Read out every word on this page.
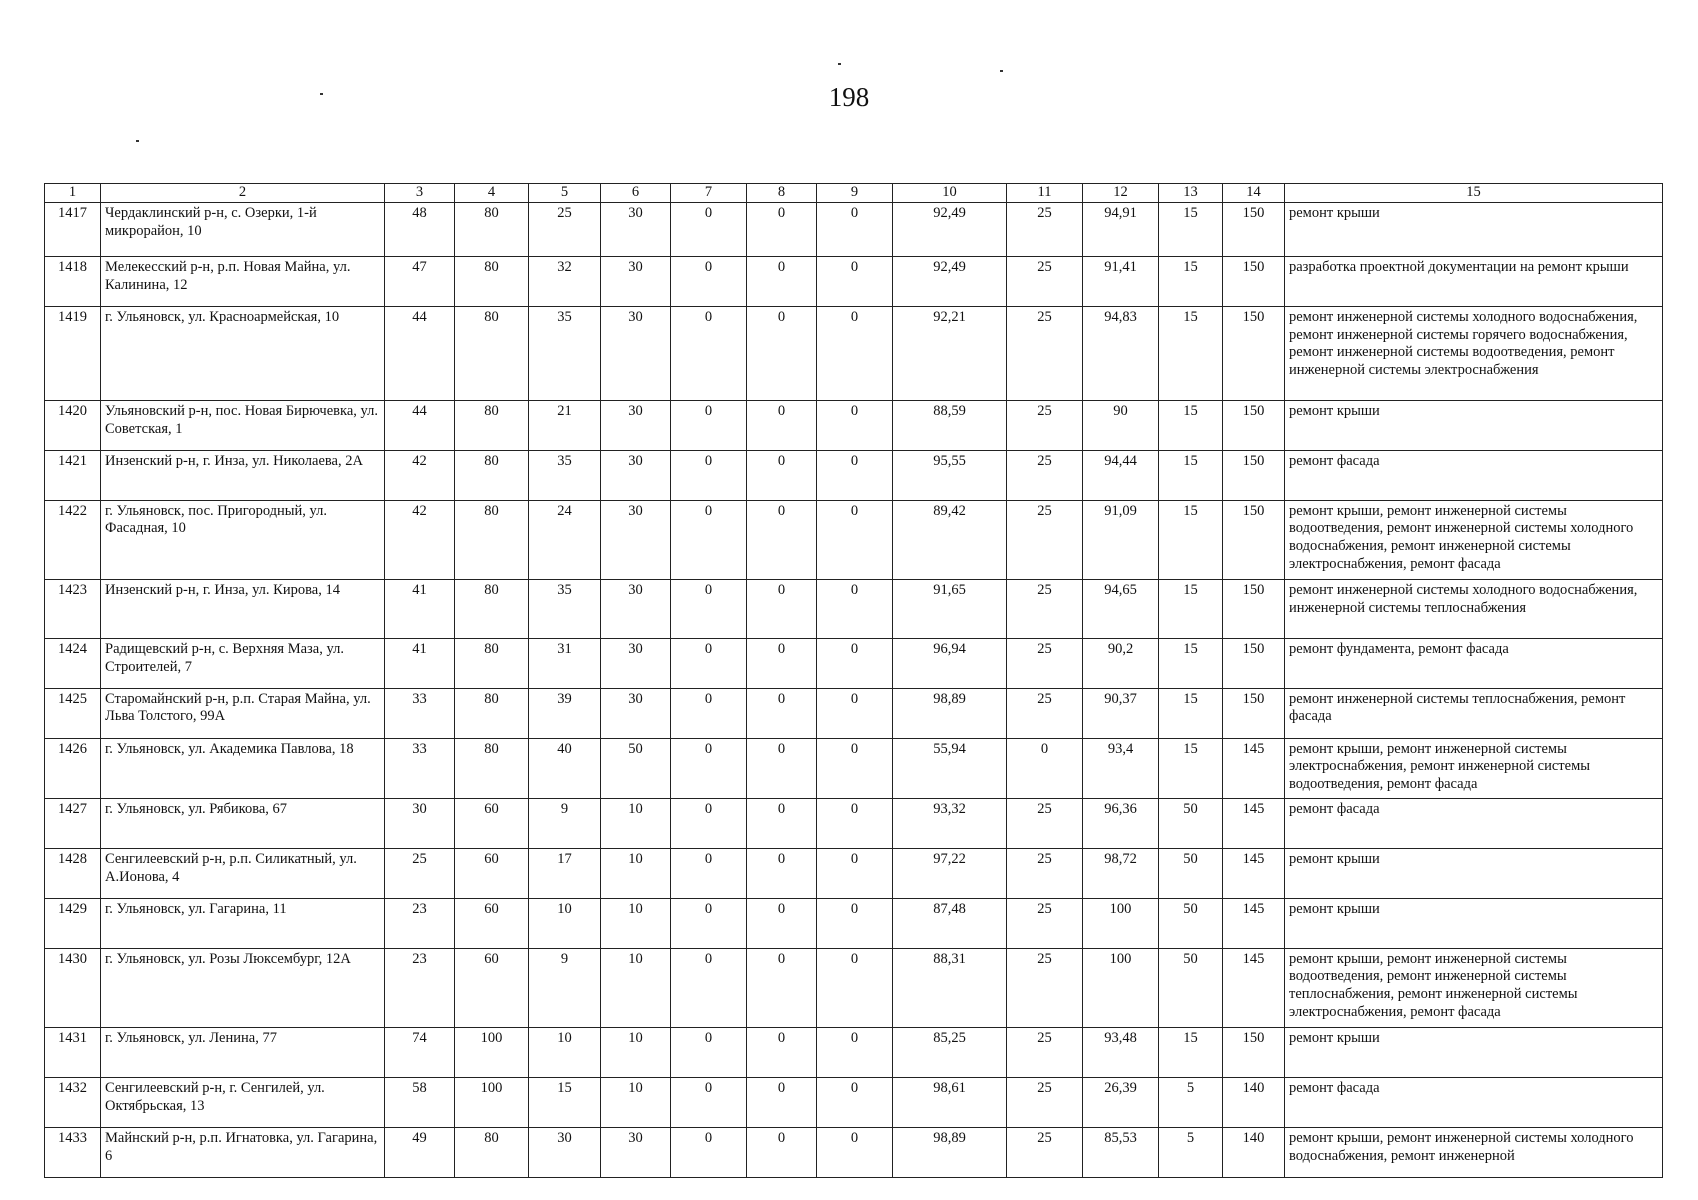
198
1	2	3	4	5	6	7	8	9	10	11	12	13	14	15
1417	Чердаклинский р-н, с. Озерки, 1-й микрорайон, 10	48	80	25	30	0	0	0	92,49	25	94,91	15	150	ремонт крыши
1418	Мелекесский р-н, р.п. Новая Майна, ул. Калинина, 12	47	80	32	30	0	0	0	92,49	25	91,41	15	150	разработка проектной документации на ремонт крыши
1419	г. Ульяновск, ул. Красноармейская, 10	44	80	35	30	0	0	0	92,21	25	94,83	15	150	ремонт инженерной системы холодного водоснабжения, ремонт инженерной системы горячего водоснабжения, ремонт инженерной системы водоотведения, ремонт инженерной системы электроснабжения
1420	Ульяновский р-н, пос. Новая Бирючевка, ул. Советская, 1	44	80	21	30	0	0	0	88,59	25	90	15	150	ремонт крыши
1421	Инзенский р-н, г. Инза, ул. Николаева, 2А	42	80	35	30	0	0	0	95,55	25	94,44	15	150	ремонт фасада
1422	г. Ульяновск, пос. Пригородный, ул. Фасадная, 10	42	80	24	30	0	0	0	89,42	25	91,09	15	150	ремонт крыши, ремонт инженерной системы водоотведения, ремонт инженерной системы холодного водоснабжения, ремонт инженерной системы электроснабжения, ремонт фасада
1423	Инзенский р-н, г. Инза, ул. Кирова, 14	41	80	35	30	0	0	0	91,65	25	94,65	15	150	ремонт инженерной системы холодного водоснабжения, инженерной системы теплоснабжения
1424	Радищевский р-н, с. Верхняя Маза, ул. Строителей, 7	41	80	31	30	0	0	0	96,94	25	90,2	15	150	ремонт фундамента, ремонт фасада
1425	Старомайнский р-н, р.п. Старая Майна, ул. Льва Толстого, 99А	33	80	39	30	0	0	0	98,89	25	90,37	15	150	ремонт инженерной системы теплоснабжения, ремонт фасада
1426	г. Ульяновск, ул. Академика Павлова, 18	33	80	40	50	0	0	0	55,94	0	93,4	15	145	ремонт крыши, ремонт инженерной системы электроснабжения, ремонт инженерной системы водоотведения, ремонт фасада
1427	г. Ульяновск, ул. Рябикова, 67	30	60	9	10	0	0	0	93,32	25	96,36	50	145	ремонт фасада
1428	Сенгилеевский р-н, р.п. Силикатный, ул. А.Ионова, 4	25	60	17	10	0	0	0	97,22	25	98,72	50	145	ремонт крыши
1429	г. Ульяновск, ул. Гагарина, 11	23	60	10	10	0	0	0	87,48	25	100	50	145	ремонт крыши
1430	г. Ульяновск, ул. Розы Люксембург, 12А	23	60	9	10	0	0	0	88,31	25	100	50	145	ремонт крыши, ремонт инженерной системы водоотведения, ремонт инженерной системы теплоснабжения, ремонт инженерной системы электроснабжения, ремонт фасада
1431	г. Ульяновск, ул. Ленина, 77	74	100	10	10	0	0	0	85,25	25	93,48	15	150	ремонт крыши
1432	Сенгилеевский р-н, г. Сенгилей, ул. Октябрьская, 13	58	100	15	10	0	0	0	98,61	25	26,39	5	140	ремонт фасада
1433	Майнский р-н, р.п. Игнатовка, ул. Гагарина, 6	49	80	30	30	0	0	0	98,89	25	85,53	5	140	ремонт крыши, ремонт инженерной системы холодного водоснабжения, ремонт инженерной
